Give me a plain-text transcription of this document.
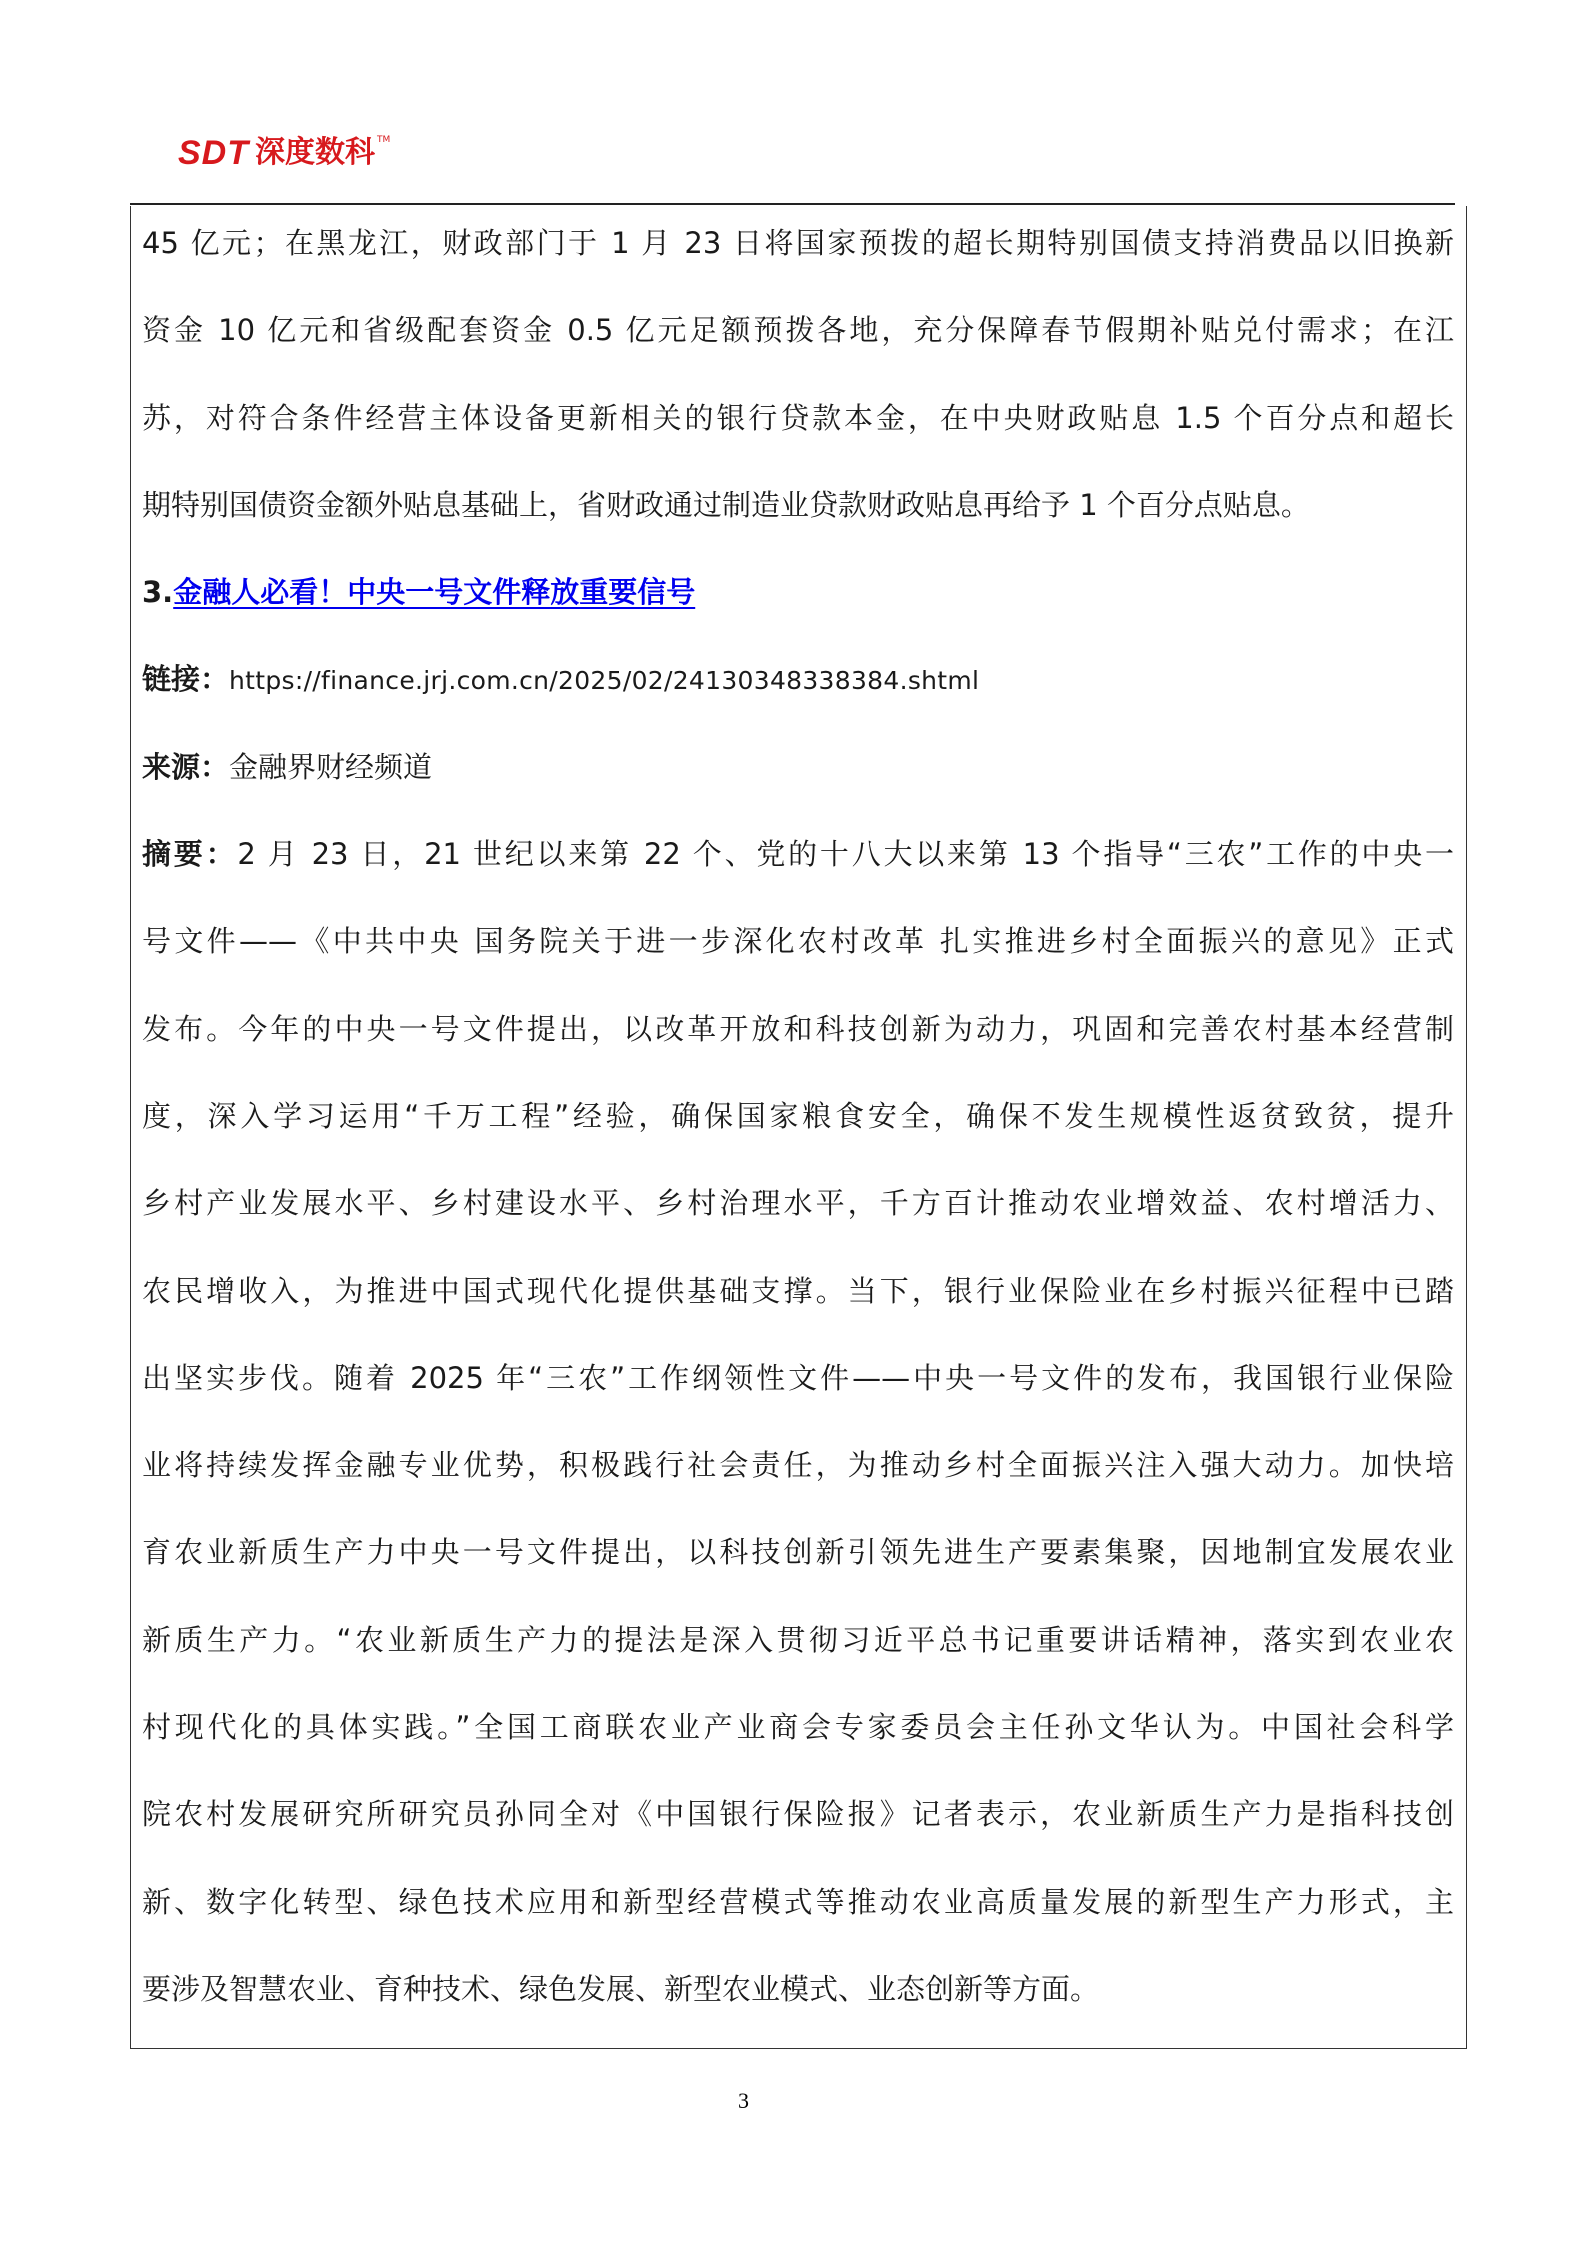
SDT 深度数科 TM
45 亿元；在黑龙江，财政部门于 1 月 23 日将国家预拨的超长期特别国债支持消费品以旧换新
资金 10 亿元和省级配套资金 0.5 亿元足额预拨各地，充分保障春节假期补贴兑付需求；在江
苏，对符合条件经营主体设备更新相关的银行贷款本金，在中央财政贴息 1.5 个百分点和超长
期特别国债资金额外贴息基础上，省财政通过制造业贷款财政贴息再给予 1 个百分点贴息。
3.金融人必看！中央一号文件释放重要信号
链接：https://finance.jrj.com.cn/2025/02/24130348338384.shtml
来源：金融界财经频道
摘要：2 月 23 日，21 世纪以来第 22 个、党的十八大以来第 13 个指导“三农”工作的中央一
号文件——《中共中央 国务院关于进一步深化农村改革 扎实推进乡村全面振兴的意见》正式
发布。今年的中央一号文件提出，以改革开放和科技创新为动力，巩固和完善农村基本经营制
度，深入学习运用“千万工程”经验，确保国家粮食安全，确保不发生规模性返贫致贫，提升
乡村产业发展水平、乡村建设水平、乡村治理水平，千方百计推动农业增效益、农村增活力、
农民增收入，为推进中国式现代化提供基础支撑。当下，银行业保险业在乡村振兴征程中已踏
出坚实步伐。随着 2025 年“三农”工作纲领性文件——中央一号文件的发布，我国银行业保险
业将持续发挥金融专业优势，积极践行社会责任，为推动乡村全面振兴注入强大动力。加快培
育农业新质生产力中央一号文件提出，以科技创新引领先进生产要素集聚，因地制宜发展农业
新质生产力。“农业新质生产力的提法是深入贯彻习近平总书记重要讲话精神，落实到农业农
村现代化的具体实践。”全国工商联农业产业商会专家委员会主任孙文华认为。中国社会科学
院农村发展研究所研究员孙同全对《中国银行保险报》记者表示，农业新质生产力是指科技创
新、数字化转型、绿色技术应用和新型经营模式等推动农业高质量发展的新型生产力形式，主
要涉及智慧农业、育种技术、绿色发展、新型农业模式、业态创新等方面。
3
